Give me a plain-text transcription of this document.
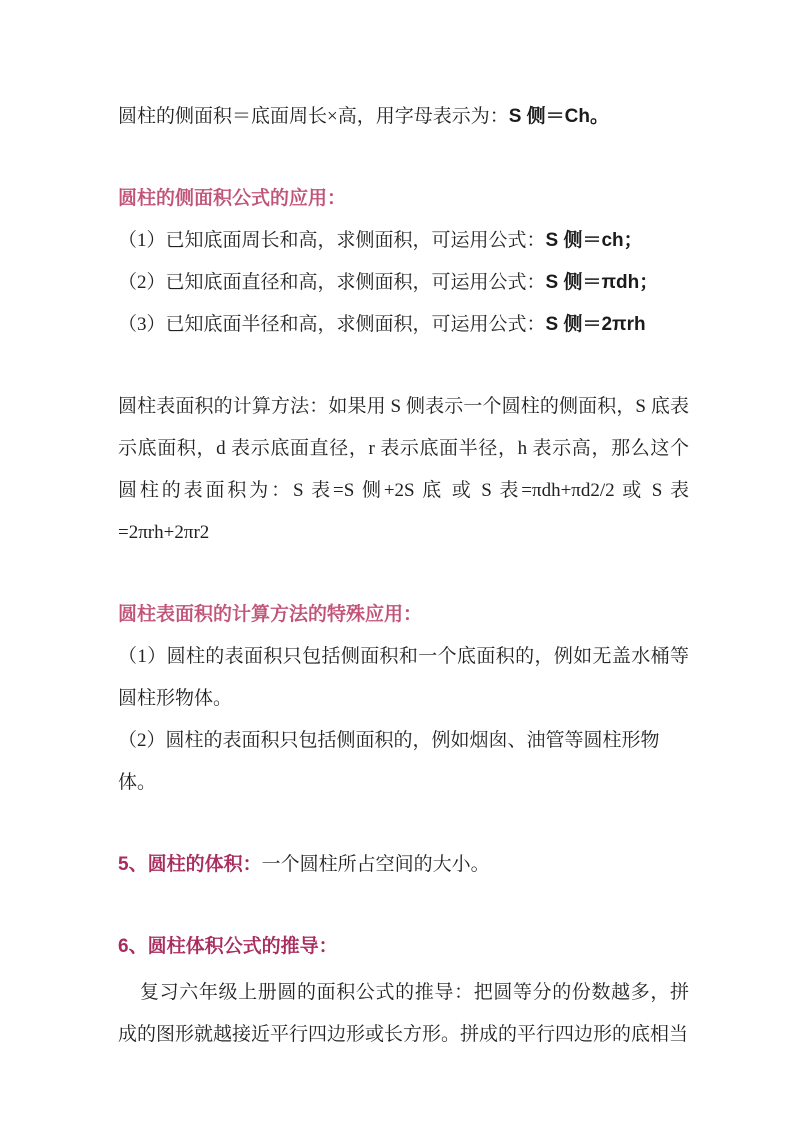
圆柱的侧面积＝底面周长×高，用字母表示为：S 侧＝Ch。

圆柱的侧面积公式的应用：

（1）已知底面周长和高，求侧面积，可运用公式：S 侧＝ch；

（2）已知底面直径和高，求侧面积，可运用公式：S 侧＝πdh；

（3）已知底面半径和高，求侧面积，可运用公式：S 侧＝2πrh

圆柱表面积的计算方法：如果用 S 侧表示一个圆柱的侧面积，S 底表示底面积，d 表示底面直径，r 表示底面半径，h 表示高，那么这个圆柱的表面积为：S 表=S 侧+2S 底 或 S 表=πdh+πd2/2 或 S 表=2πrh+2πr2

圆柱表面积的计算方法的特殊应用：

（1）圆柱的表面积只包括侧面积和一个底面积的，例如无盖水桶等圆柱形物体。

（2）圆柱的表面积只包括侧面积的，例如烟囱、油管等圆柱形物体。

5、圆柱的体积：一个圆柱所占空间的大小。

6、圆柱体积公式的推导：

复习六年级上册圆的面积公式的推导：把圆等分的份数越多，拼成的图形就越接近平行四边形或长方形。拼成的平行四边形的底相当
